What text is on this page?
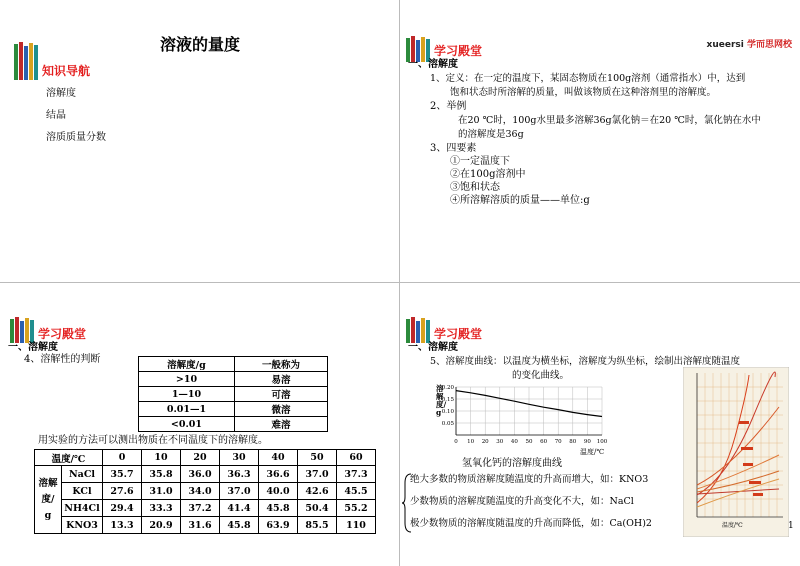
溶液的量度
知识导航
溶解度
结晶
溶质质量分数
学习殿堂	xueersi 学而思网校
一、溶解度
1、定义：在一定的温度下，某固态物质在100g溶剂（通常指水）中，达到
饱和状态时所溶解的质量，叫做该物质在这种溶剂里的溶解度。
2、举例
在20 ℃时，100g水里最多溶解36g氯化钠＝在20 ℃时，氯化钠在水中
的溶解度是36g
3、四要素
①一定温度下
②在100g溶剂中
③饱和状态
④所溶解溶质的质量——单位:g
学习殿堂
一、溶解度
4、溶解性的判断
溶解度/g	一般称为
>10	易溶
1—10	可溶
0.01—1	微溶
<0.01	难溶
用实验的方法可以测出物质在不同温度下的溶解度。
温度/℃		0	10	20	30	40	50	60
溶解
度/
g	NaCl	35.7	35.8	36.0	36.3	36.6	37.0	37.3
	KCl	27.6	31.0	34.0	37.0	40.0	42.6	45.5
	NH4Cl	29.4	33.3	37.2	41.4	45.8	50.4	55.2
	KNO3	13.3	20.9	31.6	45.8	63.9	85.5	110
学习殿堂
一、溶解度
5、溶解度曲线：以温度为横坐标，溶解度为纵坐标，绘制出溶解度随温度
的变化曲线。
0.20
0.15
0.10
0.05
0 10 20 30 40 50 60 70 80 90 100
溶解度/g
温度/℃
氢氧化钙的溶解度曲线
温度/℃
绝大多数的物质溶解度随温度的升高而增大，如：KNO3
少数物质的溶解度随温度的升高变化不大，如：NaCl
极少数物质的溶解度随温度的升高而降低，如：Ca(OH)2	1
